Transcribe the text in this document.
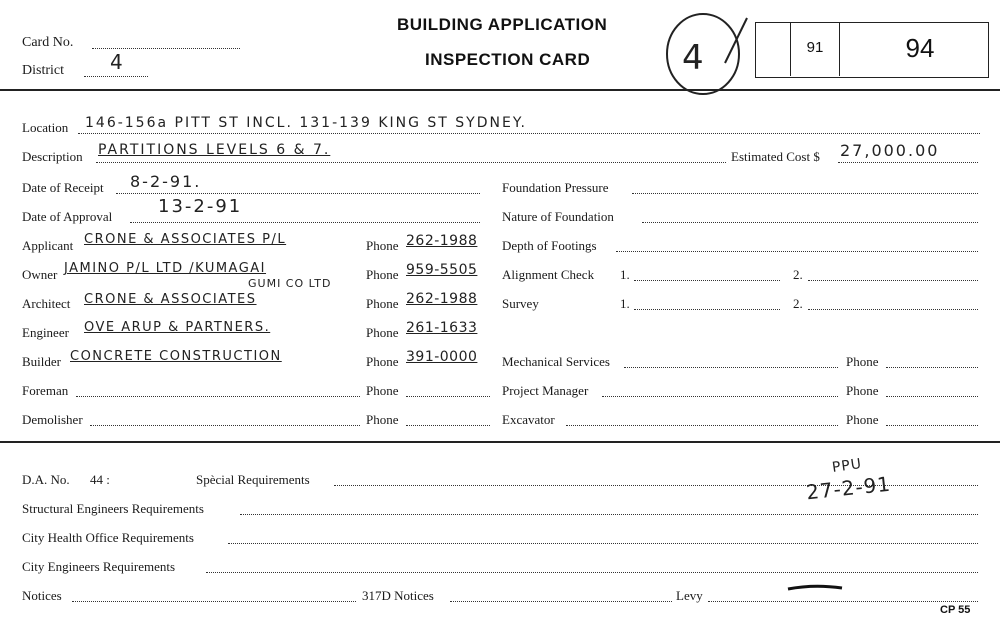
Card No.
District 4
BUILDING APPLICATION
INSPECTION CARD	4	91	94
Location 146-156a PITT ST INCL. 131-139 KING ST SYDNEY.
Description PARTITIONS LEVELS 6 & 7.	Estimated Cost $ 27,000.00
Date of Receipt 8-2-91.	Foundation Pressure
Date of Approval	13-2-91	Nature of Foundation
Applicant CRONE & ASSOCIATES P/L	Phone 262-1988 Depth of Footings
Owner JAMINO P/L LTD /KUMAGAI
GUMI CO LTD
Phone 959-5505 Alignment Check 1.	2.
Architect CRONE & ASSOCIATES	Phone 262-1988 Survey	1.	2.
Engineer OVE ARUP & PARTNERS.	Phone 261-1633
Builder CONCRETE CONSTRUCTION	Phone 391-0000 Mechanical Services	Phone
Foreman	Phone	Project Manager	Phone
Demolisher	Phone	Excavator	Phone
D.A. No. 44 :	Spècial Requirements
PPU
Structural Engineers Requirements
27-2-91
City Health Office Requirements
City Engineers Requirements
Notices	317D Notices	Levy
CP 55
